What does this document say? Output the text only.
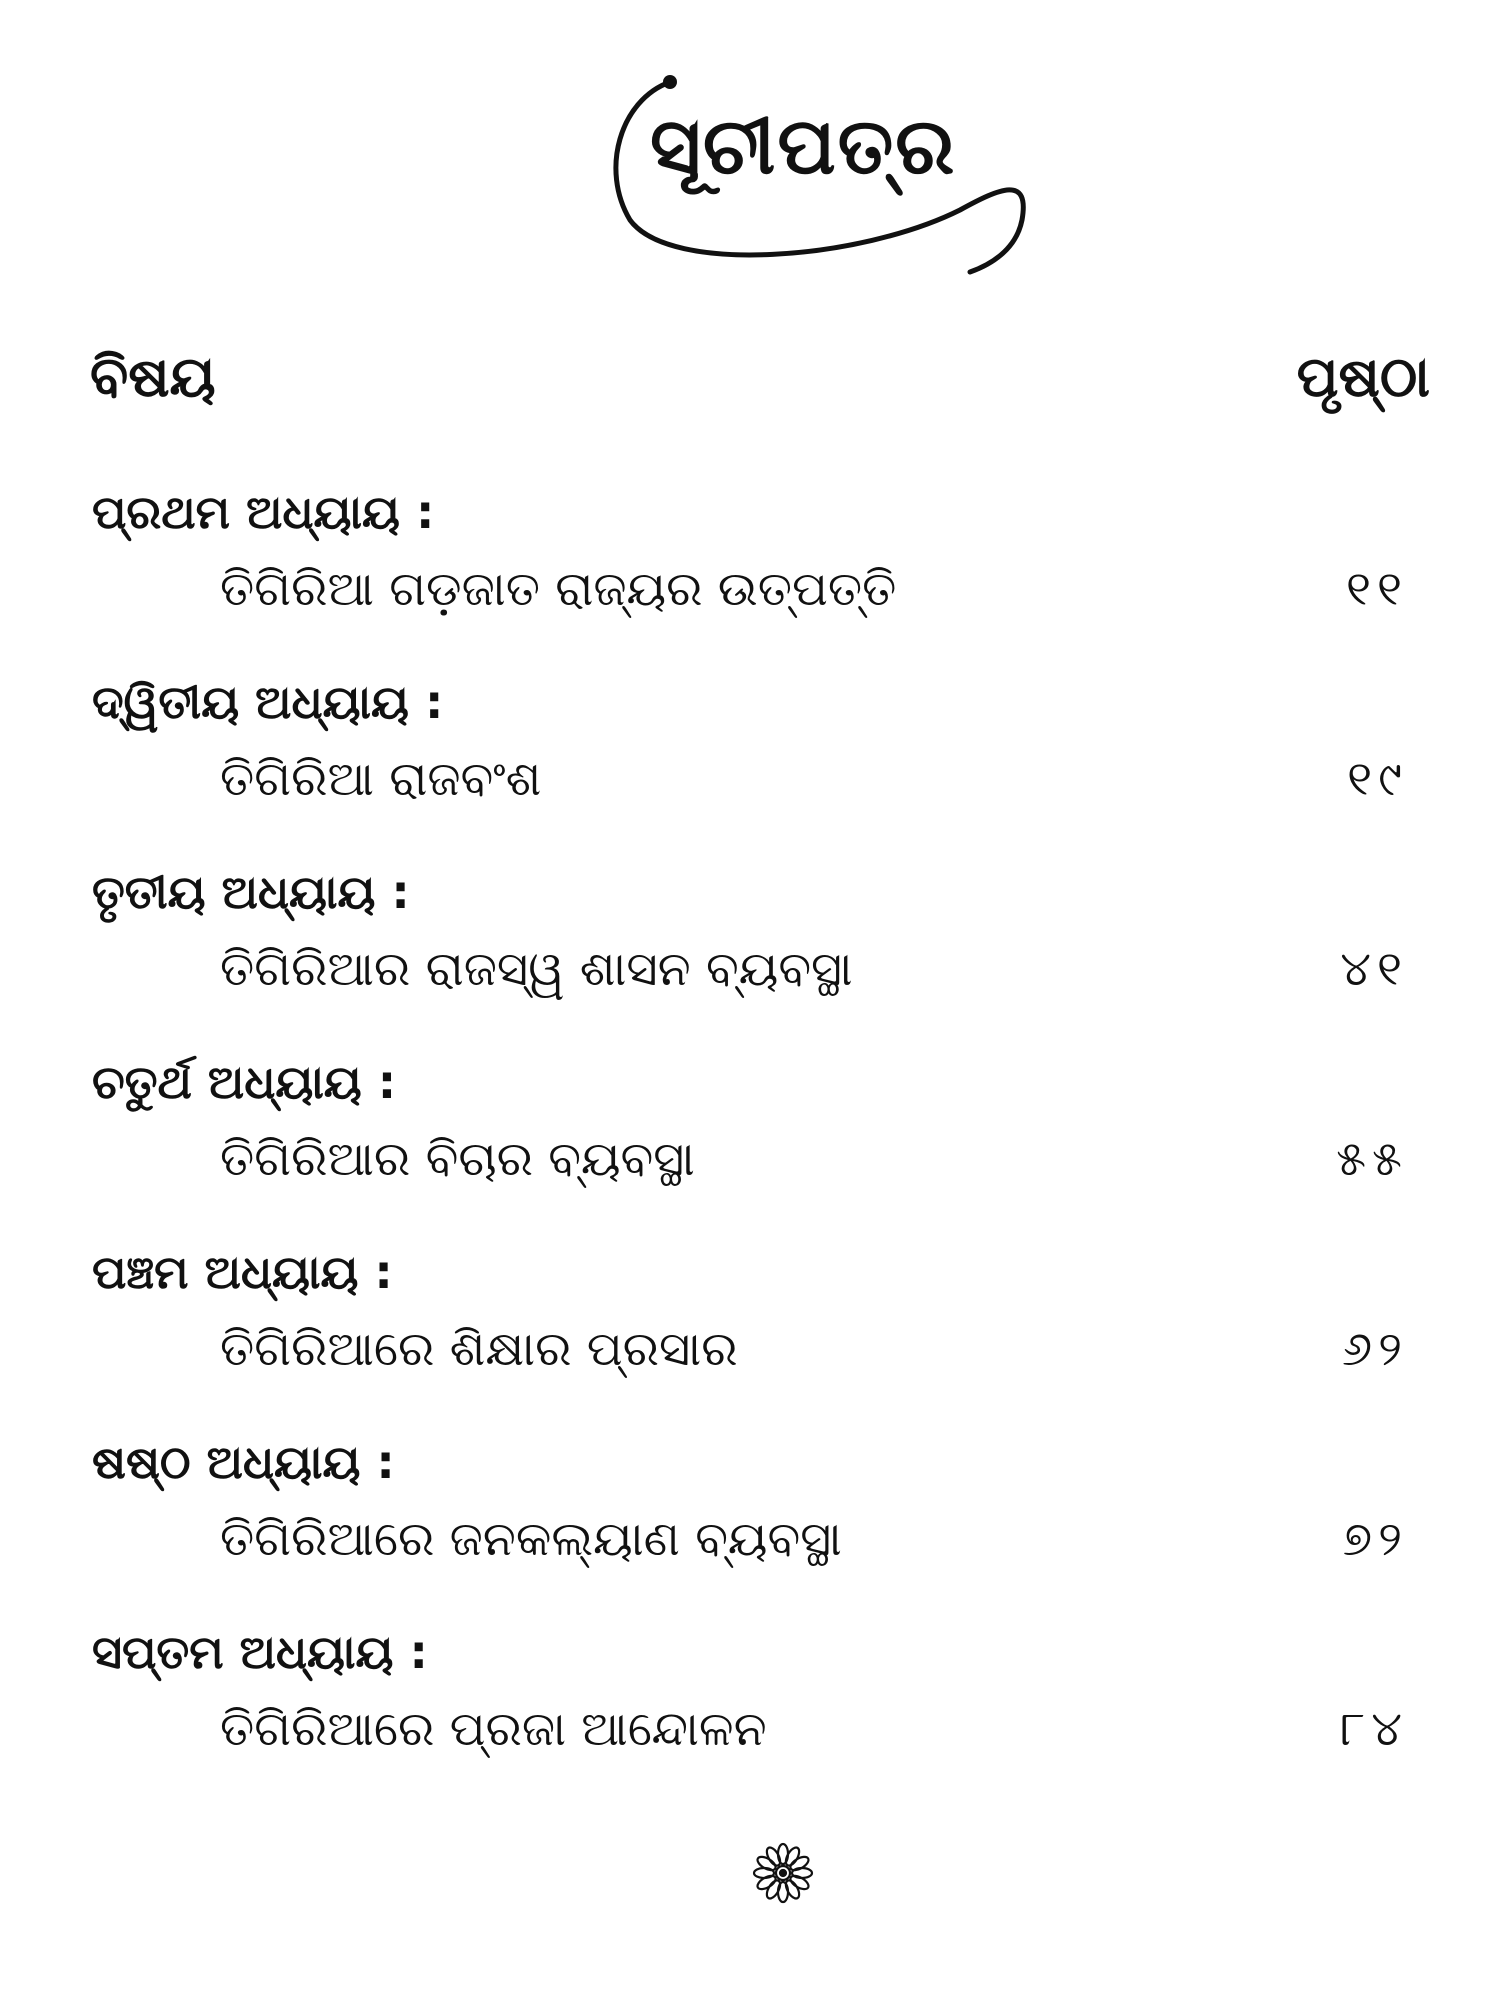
ସୂଚୀପତ୍ର
ବିଷୟ	ପୃଷ୍ଠା
ପ୍ରଥମ ଅଧ୍ୟାୟ :
ତିଗିରିଆ ଗଡ଼ଜାତ ରାଜ୍ୟର ଉତ୍ପତ୍ତି	୧୧
ଦ୍ୱିତୀୟ ଅଧ୍ୟାୟ :
ତିଗିରିଆ ରାଜବଂଶ	୧୯
ତୃତୀୟ ଅଧ୍ୟାୟ :
ତିଗିରିଆର ରାଜସ୍ୱ ଶାସନ ବ୍ୟବସ୍ଥା	୪୧
ଚତୁର୍ଥ ଅଧ୍ୟାୟ :
ତିଗିରିଆର ବିଚାର ବ୍ୟବସ୍ଥା	୫୫
ପଞ୍ଚମ ଅଧ୍ୟାୟ :
ତିଗିରିଆରେ ଶିକ୍ଷାର ପ୍ରସାର	୬୨
ଷଷ୍ଠ ଅଧ୍ୟାୟ :
ତିଗିରିଆରେ ଜନକଲ୍ୟାଣ ବ୍ୟବସ୍ଥା	୭୨
ସପ୍ତମ ଅଧ୍ୟାୟ :
ତିଗିରିଆରେ ପ୍ରଜା ଆନ୍ଦୋଳନ	୮୪
